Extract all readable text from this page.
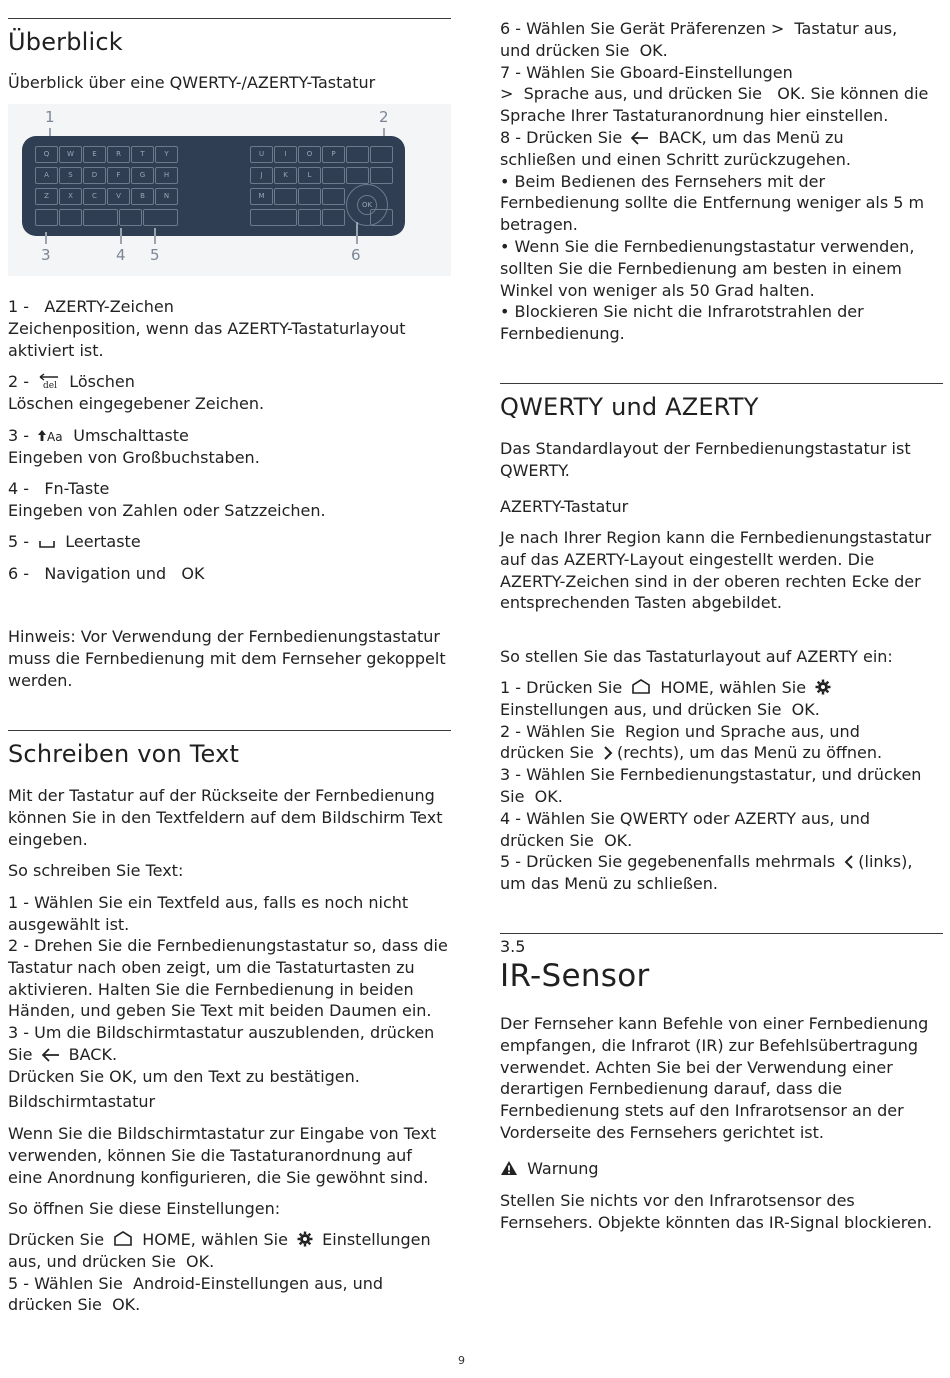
Überblick

Überblick über eine QWERTY-/AZERTY-Tastatur

1	2
Q	W	E	R	T	Y
A	S	D	F	G	H
Z	X	C	V	B	N
U	I	O	P
J	K	L
M
OK
3	4 5	6

1 - AZERTY-Zeichen
Zeichenposition, wenn das AZERTY-Tastaturlayout aktiviert ist.

2 - del Löschen
Löschen eingegebener Zeichen.

3 - Aa Umschalttaste
Eingeben von Großbuchstaben.

4 - Fn-Taste
Eingeben von Zahlen oder Satzzeichen.

5 - Leertaste

6 - Navigation und OK

Hinweis: Vor Verwendung der Fernbedienungstastatur muss die Fernbedienung mit dem Fernseher gekoppelt werden.

Schreiben von Text

Mit der Tastatur auf der Rückseite der Fernbedienung können Sie in den Textfeldern auf dem Bildschirm Text eingeben.

So schreiben Sie Text:

1 - Wählen Sie ein Textfeld aus, falls es noch nicht ausgewählt ist.

2 - Drehen Sie die Fernbedienungstastatur so, dass die Tastatur nach oben zeigt, um die Tastaturtasten zu aktivieren. Halten Sie die Fernbedienung in beiden Händen, und geben Sie Text mit beiden Daumen ein.

3 - Um die Bildschirmtastatur auszublenden, drücken
Sie BACK.
Drücken Sie OK, um den Text zu bestätigen.

Bildschirmtastatur

Wenn Sie die Bildschirmtastatur zur Eingabe von Text verwenden, können Sie die Tastaturanordnung auf eine Anordnung konfigurieren, die Sie gewöhnt sind.

So öffnen Sie diese Einstellungen:

Drücken Sie HOME, wählen Sie Einstellungen
aus, und drücken Sie OK.
5 - Wählen Sie Android-Einstellungen aus, und
drücken Sie OK.

6 - Wählen Sie Gerät Präferenzen > Tastatur aus,
und drücken Sie OK.
7 - Wählen Sie Gboard-Einstellungen
> Sprache aus, und drücken Sie OK. Sie können die
Sprache Ihrer Tastaturanordnung hier einstellen.
8 - Drücken Sie BACK, um das Menü zu
schließen und einen Schritt zurückzugehen.
• Beim Bedienen des Fernsehers mit der Fernbedienung sollte die Entfernung weniger als 5 m betragen.
• Wenn Sie die Fernbedienungstastatur verwenden, sollten Sie die Fernbedienung am besten in einem Winkel von weniger als 50 Grad halten.
• Blockieren Sie nicht die Infrarotstrahlen der Fernbedienung.

QWERTY und AZERTY

Das Standardlayout der Fernbedienungstastatur ist QWERTY.

AZERTY-Tastatur

Je nach Ihrer Region kann die Fernbedienungstastatur auf das AZERTY-Layout eingestellt werden. Die AZERTY-Zeichen sind in der oberen rechten Ecke der entsprechenden Tasten abgebildet.

So stellen Sie das Tastaturlayout auf AZERTY ein:

1 - Drücken Sie HOME, wählen Sie
Einstellungen aus, und drücken Sie OK.
2 - Wählen Sie Region und Sprache aus, und
drücken Sie (rechts), um das Menü zu öffnen.
3 - Wählen Sie Fernbedienungstastatur, und drücken
Sie OK.
4 - Wählen Sie QWERTY oder AZERTY aus, und
drücken Sie OK.
5 - Drücken Sie gegebenenfalls mehrmals (links),
um das Menü zu schließen.

3.5

IR-Sensor

Der Fernseher kann Befehle von einer Fernbedienung empfangen, die Infrarot (IR) zur Befehlsübertragung verwendet. Achten Sie bei der Verwendung einer derartigen Fernbedienung darauf, dass die Fernbedienung stets auf den Infrarotsensor an der Vorderseite des Fernsehers gerichtet ist.

Warnung

Stellen Sie nichts vor den Infrarotsensor des Fernsehers. Objekte könnten das IR-Signal blockieren.

9
